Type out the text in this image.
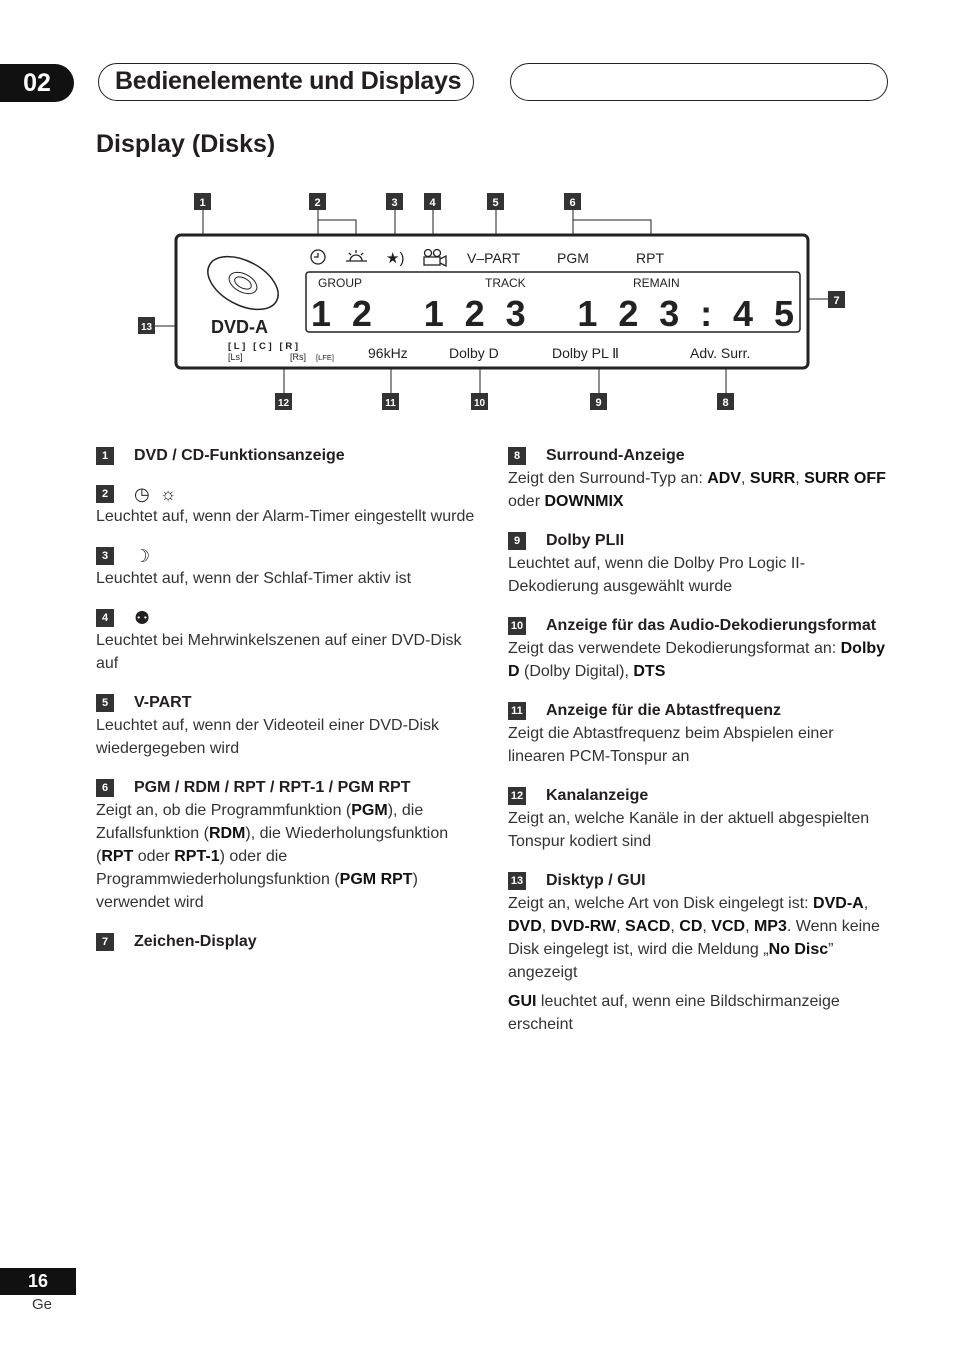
02	Bedienelemente und Displays
Display (Disks)
★)	V–PART	PGM	RPT
GROUP	TRACK	REMAIN
1 2   1 2 3   1 2 3 : 4 5
DVD-A
[ L ]   [ C ]   [ R ]
[Ls]	[Rs] [LFE] 96kHz	Dolby D	Dolby PL Ⅱ	Adv. Surr.
1	2	3	4	5	6
7
13
12	11	10	9	8
1	DVD / CD-Funktionsanzeige
2	◷ ☼
Leuchtet auf, wenn der Alarm-Timer eingestellt wurde
3	☽
Leuchtet auf, wenn der Schlaf-Timer aktiv ist
4	⚉
Leuchtet bei Mehrwinkelszenen auf einer DVD-Disk auf
5	V-PART
Leuchtet auf, wenn der Videoteil einer DVD-Disk wiedergegeben wird
6	PGM / RDM / RPT / RPT-1 / PGM RPT
Zeigt an, ob die Programmfunktion (PGM), die Zufallsfunktion (RDM), die Wiederholungsfunktion (RPT oder RPT-1) oder die Programmwiederholungsfunktion (PGM RPT) verwendet wird
7	Zeichen-Display
8	Surround-Anzeige
Zeigt den Surround-Typ an: ADV, SURR, SURR OFF oder DOWNMIX
9	Dolby PLII
Leuchtet auf, wenn die Dolby Pro Logic II-Dekodierung ausgewählt wurde
10 Anzeige für das Audio-Dekodierungsformat
Zeigt das verwendete Dekodierungsformat an: Dolby D (Dolby Digital), DTS
11 Anzeige für die Abtastfrequenz
Zeigt die Abtastfrequenz beim Abspielen einer linearen PCM-Tonspur an
12 Kanalanzeige
Zeigt an, welche Kanäle in der aktuell abgespielten Tonspur kodiert sind
13 Disktyp / GUI
Zeigt an, welche Art von Disk eingelegt ist: DVD-A, DVD, DVD-RW, SACD, CD, VCD, MP3. Wenn keine Disk eingelegt ist, wird die Meldung „No Disc” angezeigt
GUI leuchtet auf, wenn eine Bildschirmanzeige erscheint
16
Ge
